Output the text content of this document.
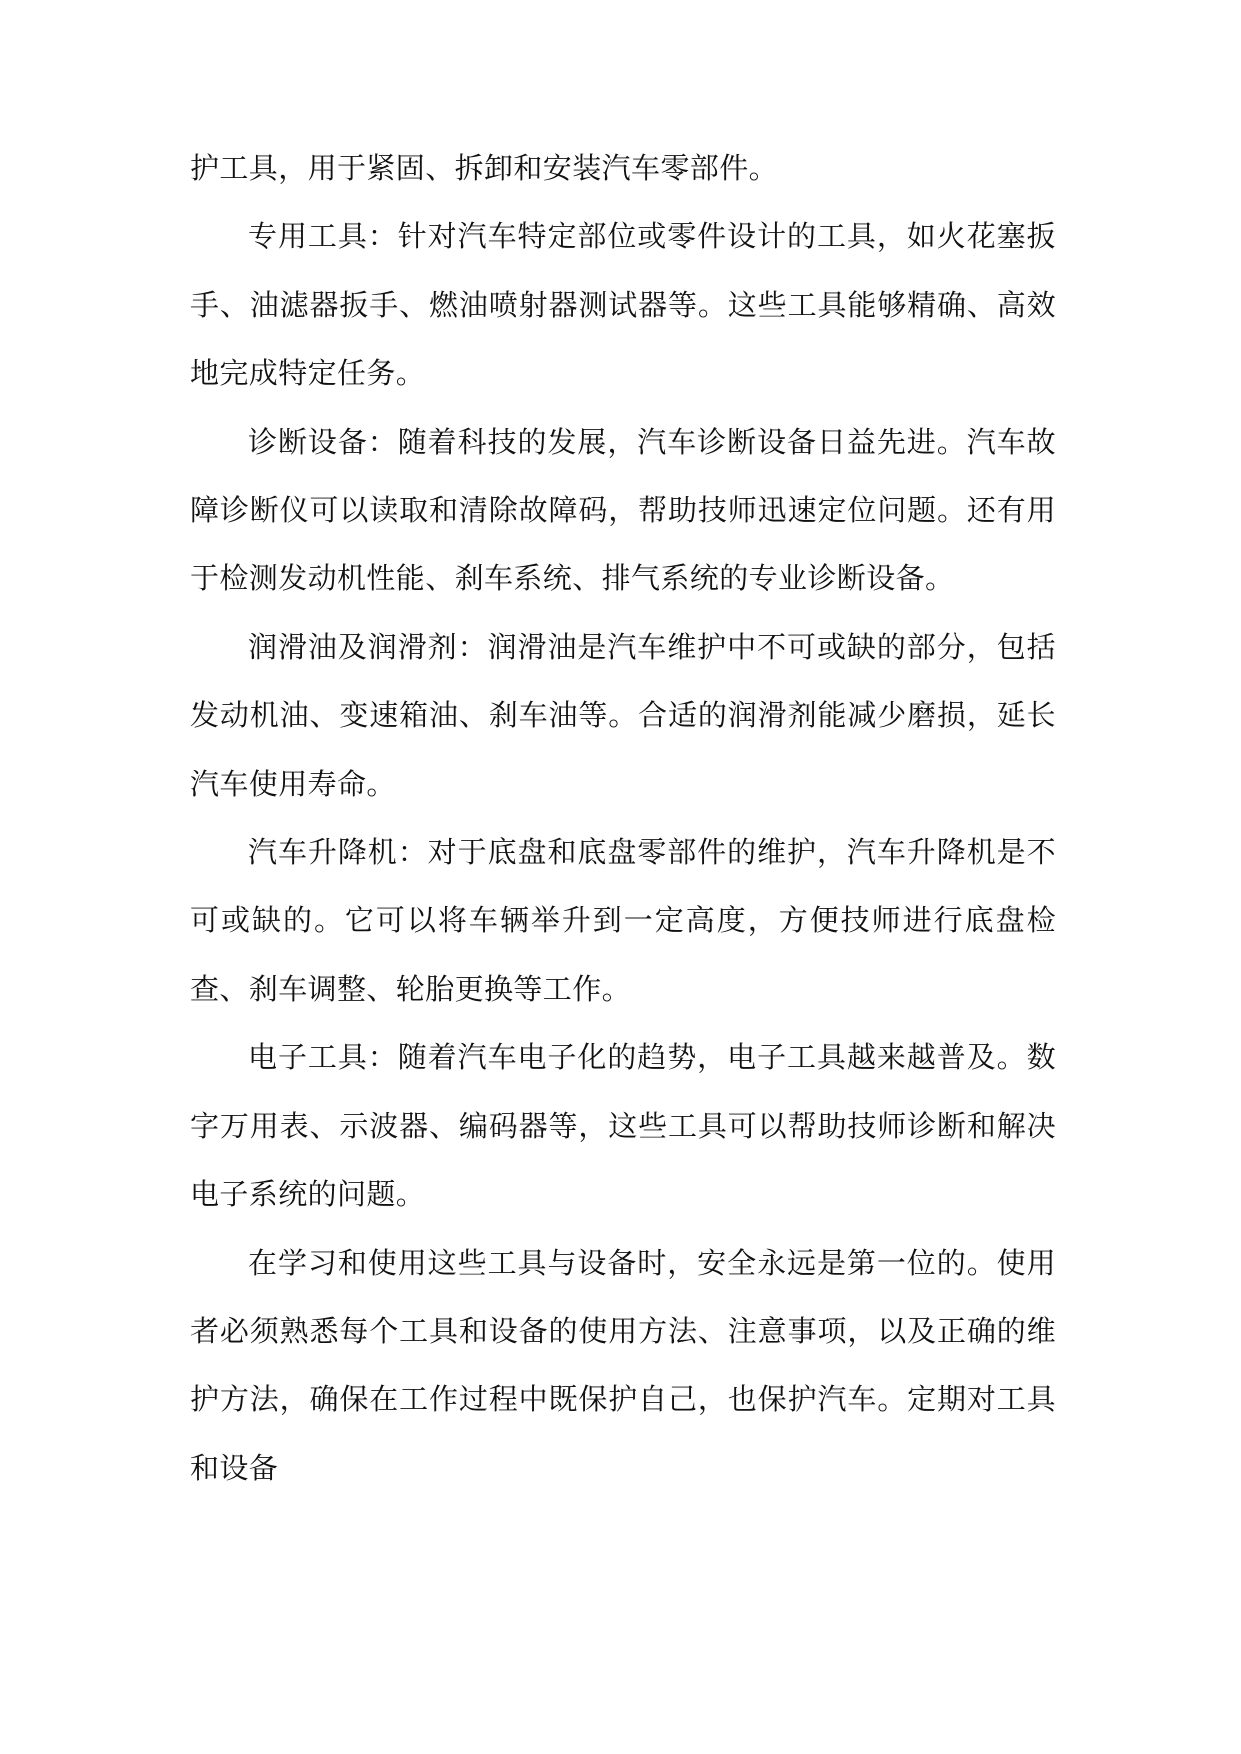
护工具，用于紧固、拆卸和安装汽车零部件。

专用工具：针对汽车特定部位或零件设计的工具，如火花塞扳手、油滤器扳手、燃油喷射器测试器等。这些工具能够精确、高效地完成特定任务。

诊断设备：随着科技的发展，汽车诊断设备日益先进。汽车故障诊断仪可以读取和清除故障码，帮助技师迅速定位问题。还有用于检测发动机性能、刹车系统、排气系统的专业诊断设备。

润滑油及润滑剂：润滑油是汽车维护中不可或缺的部分，包括发动机油、变速箱油、刹车油等。合适的润滑剂能减少磨损，延长汽车使用寿命。

汽车升降机：对于底盘和底盘零部件的维护，汽车升降机是不可或缺的。它可以将车辆举升到一定高度，方便技师进行底盘检查、刹车调整、轮胎更换等工作。

电子工具：随着汽车电子化的趋势，电子工具越来越普及。数字万用表、示波器、编码器等，这些工具可以帮助技师诊断和解决电子系统的问题。

在学习和使用这些工具与设备时，安全永远是第一位的。使用者必须熟悉每个工具和设备的使用方法、注意事项，以及正确的维护方法，确保在工作过程中既保护自己，也保护汽车。定期对工具和设备
